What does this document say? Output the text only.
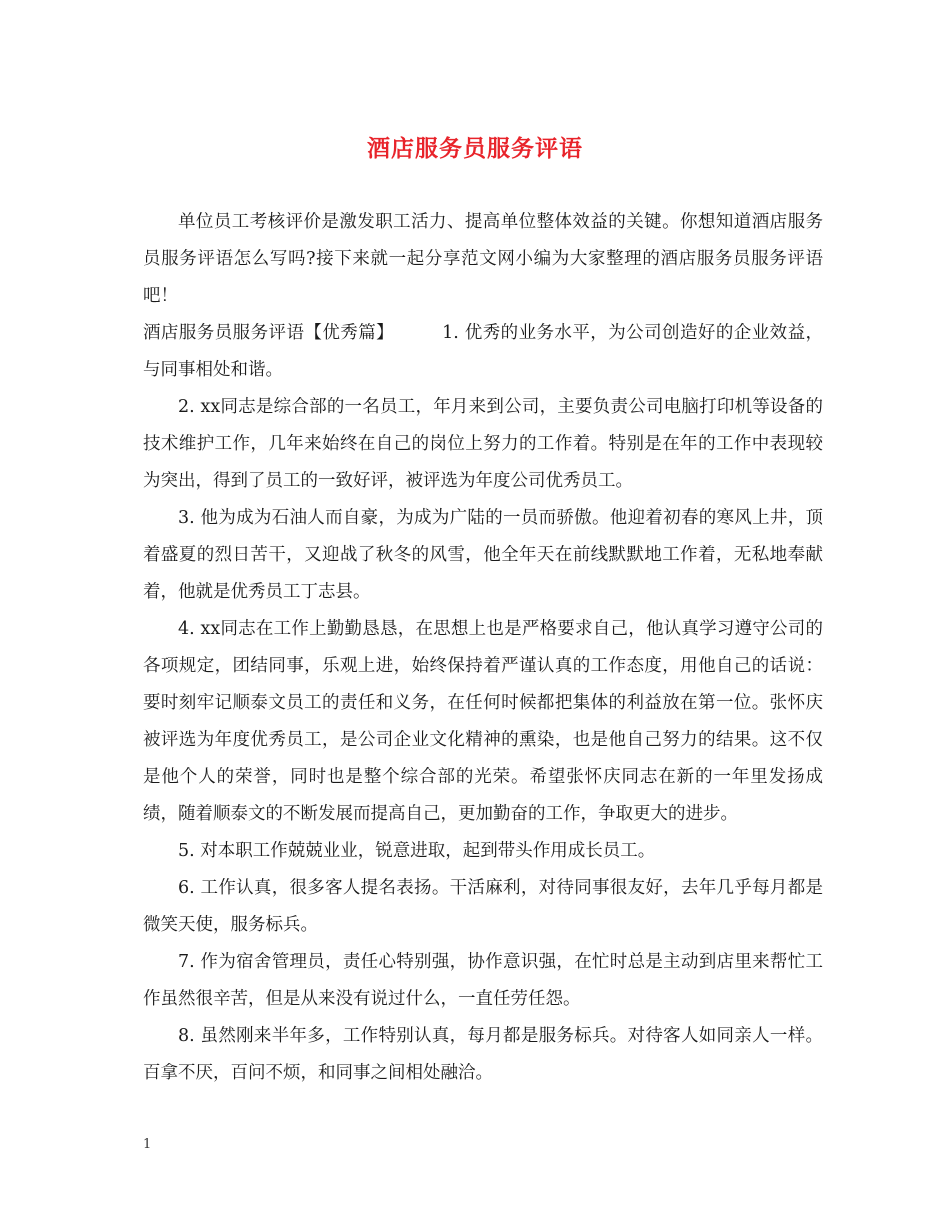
酒店服务员服务评语

单位员工考核评价是激发职工活力、提高单位整体效益的关键。你想知道酒店服务员服务评语怎么写吗?接下来就一起分享范文网小编为大家整理的酒店服务员服务评语吧！

酒店服务员服务评语【优秀篇】	1. 优秀的业务水平，为公司创造好的企业效益，与同事相处和谐。

2. xx同志是综合部的一名员工，年月来到公司，主要负责公司电脑打印机等设备的技术维护工作，几年来始终在自己的岗位上努力的工作着。特别是在年的工作中表现较为突出，得到了员工的一致好评，被评选为年度公司优秀员工。

3. 他为成为石油人而自豪，为成为广陆的一员而骄傲。他迎着初春的寒风上井，顶着盛夏的烈日苦干，又迎战了秋冬的风雪，他全年天在前线默默地工作着，无私地奉献着，他就是优秀员工丁志县。

4. xx同志在工作上勤勤恳恳，在思想上也是严格要求自己，他认真学习遵守公司的各项规定，团结同事，乐观上进，始终保持着严谨认真的工作态度，用他自己的话说：要时刻牢记顺泰文员工的责任和义务，在任何时候都把集体的利益放在第一位。张怀庆被评选为年度优秀员工，是公司企业文化精神的熏染，也是他自己努力的结果。这不仅是他个人的荣誉，同时也是整个综合部的光荣。希望张怀庆同志在新的一年里发扬成绩，随着顺泰文的不断发展而提高自己，更加勤奋的工作，争取更大的进步。

5. 对本职工作兢兢业业，锐意进取，起到带头作用成长员工。

6. 工作认真，很多客人提名表扬。干活麻利，对待同事很友好，去年几乎每月都是微笑天使，服务标兵。

7. 作为宿舍管理员，责任心特别强，协作意识强，在忙时总是主动到店里来帮忙工作虽然很辛苦，但是从来没有说过什么，一直任劳任怨。

8. 虽然刚来半年多，工作特别认真，每月都是服务标兵。对待客人如同亲人一样。百拿不厌，百问不烦，和同事之间相处融洽。

1
